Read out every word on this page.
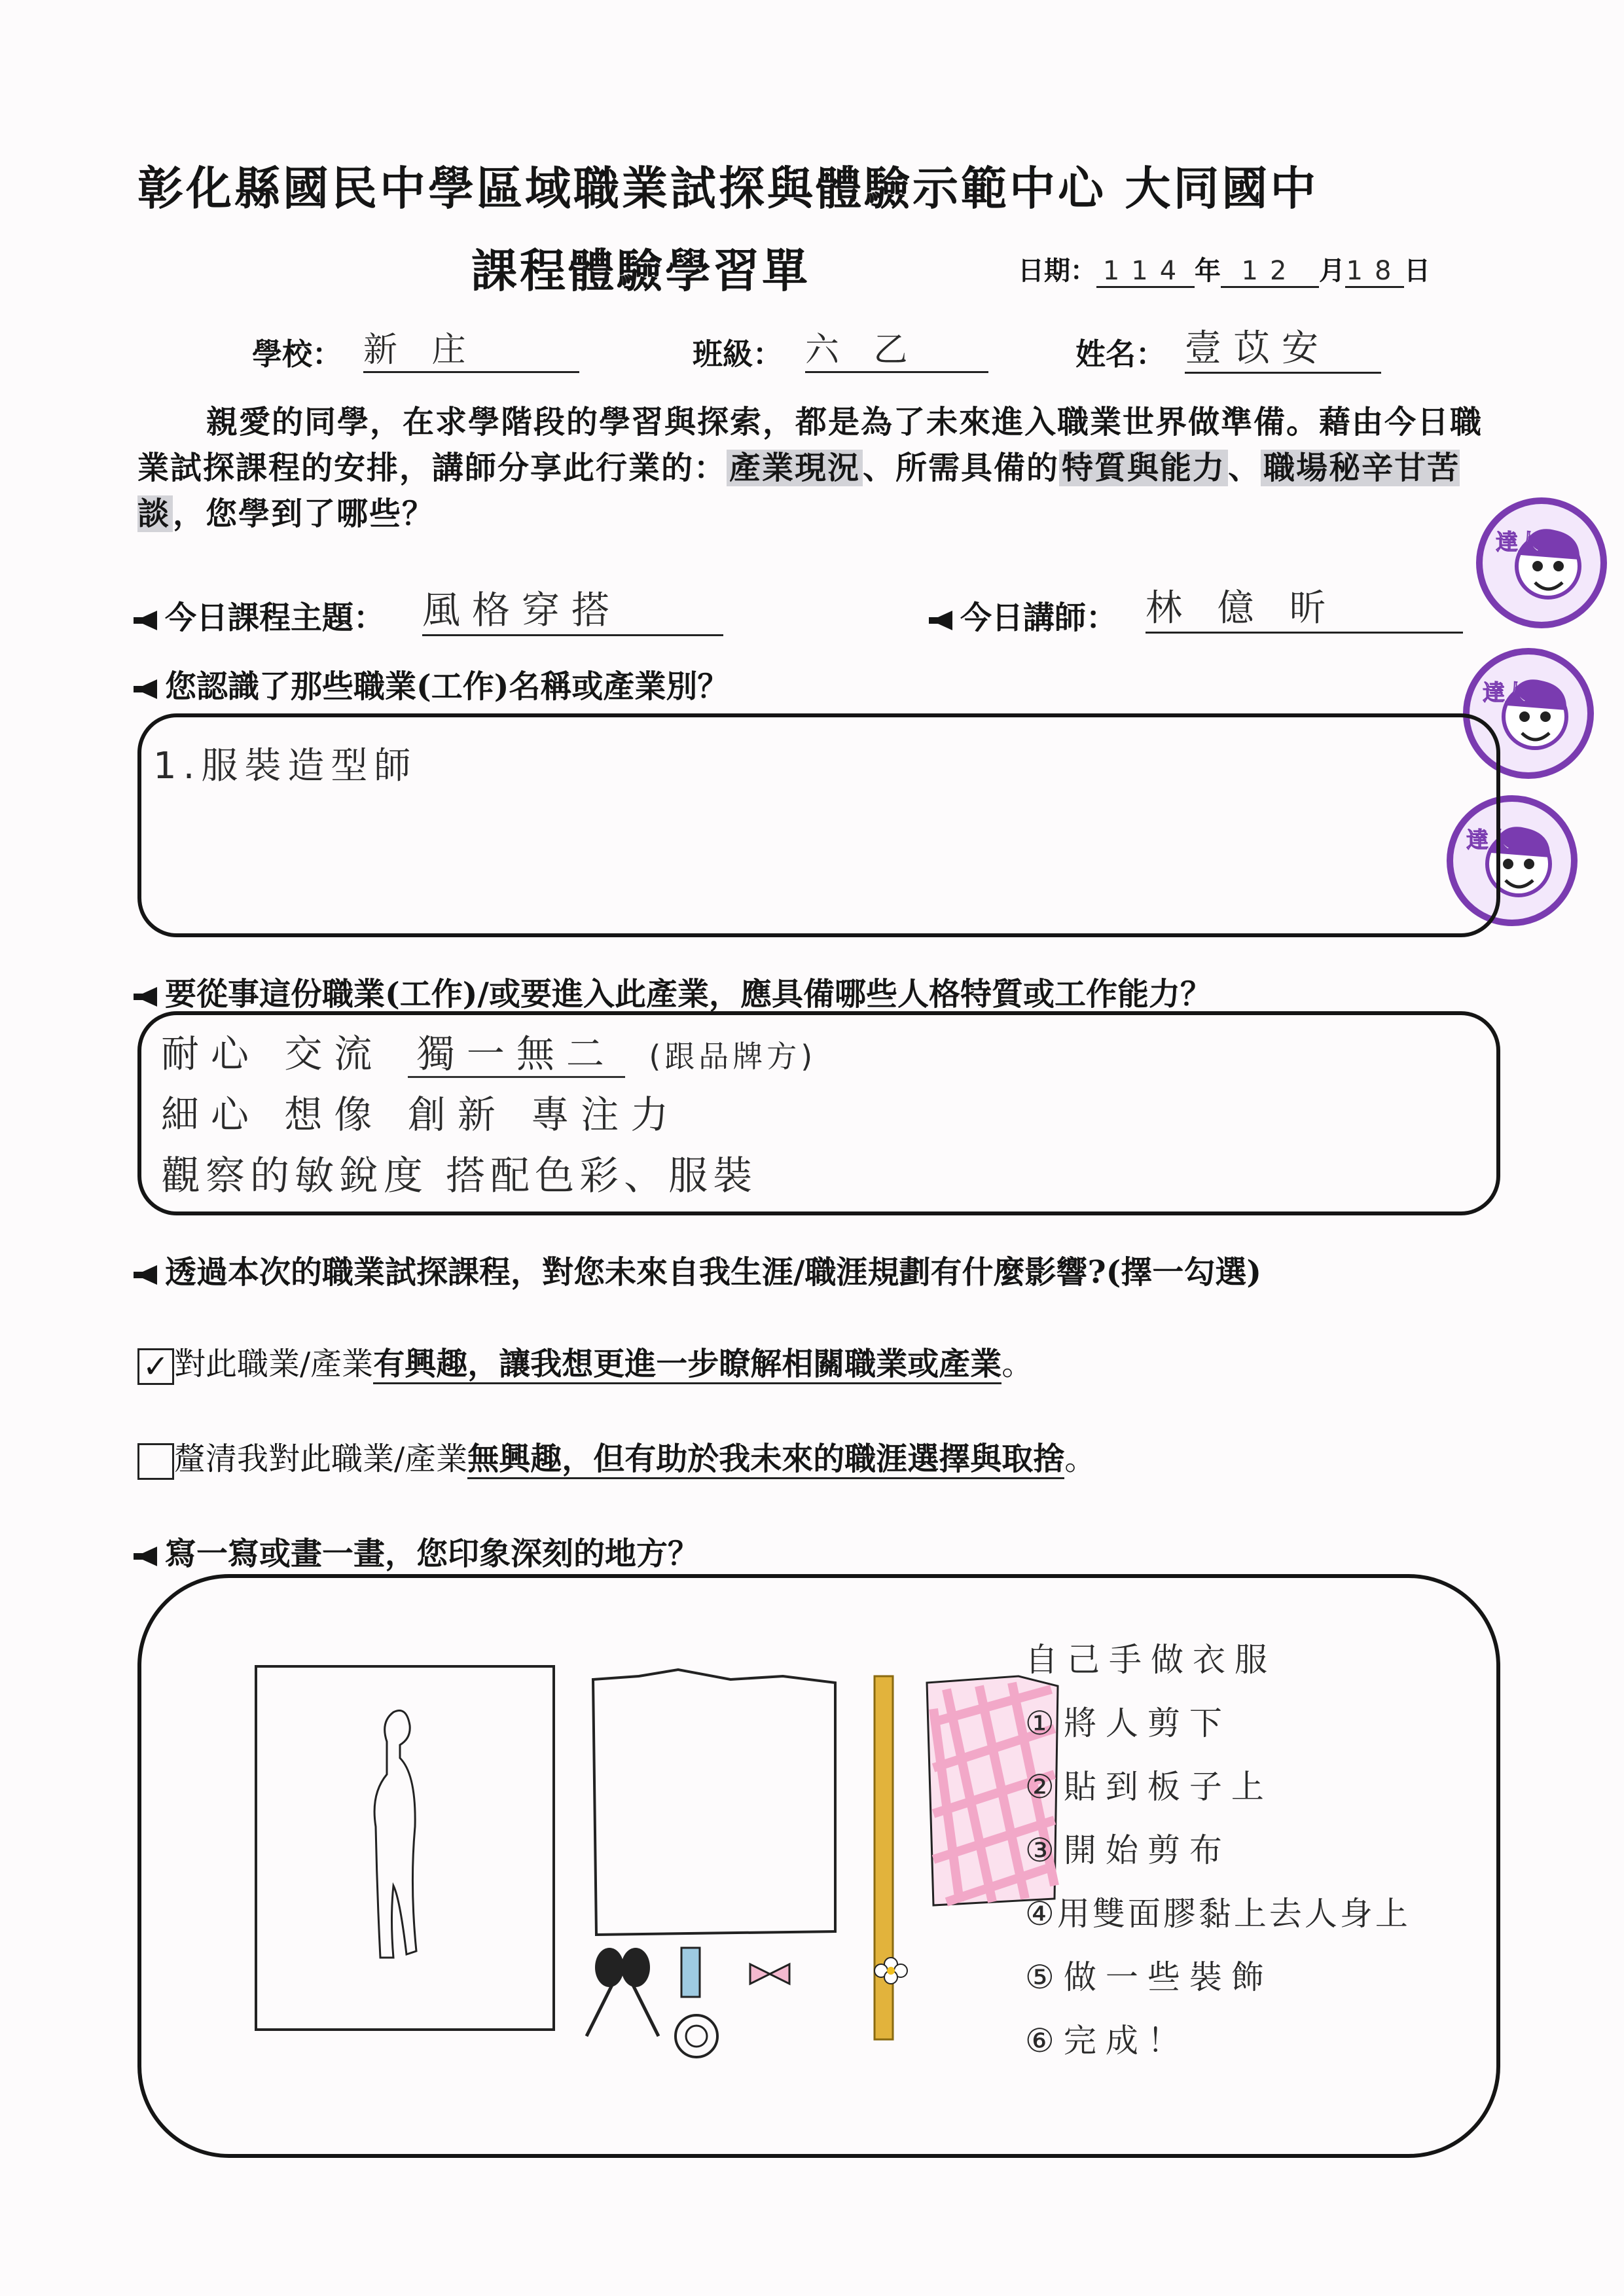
彰化縣國民中學區域職業試探與體驗示範中心 大同國中
課程體驗學習單	日期： 114 年 12 月18日
學校： 新 庄	班級： 六 乙	姓名： 壹苡安
親愛的同學，在求學階段的學習與探索，都是為了未來進入職業世界做準備。藉由今日職業試探課程的安排，講師分享此行業的：產業現況、所需具備的特質與能力、職場秘辛甘苦談，您學到了哪些？
達人
達人
達人
今日課程主題： 風格穿搭	今日講師： 林 億 昕
您認識了那些職業(工作)名稱或產業別？
1.服裝造型師
要從事這份職業(工作)/或要進入此產業，應具備哪些人格特質或工作能力？
耐心 交流 獨一無二 (跟品牌方)
細心 想像 創新 專注力
觀察的敏銳度 搭配色彩、服裝
透過本次的職業試探課程，對您未來自我生涯/職涯規劃有什麼影響?(擇一勾選)
✓ 對此職業/產業有興趣，讓我想更進一步瞭解相關職業或產業。
釐清我對此職業/產業無興趣，但有助於我未來的職涯選擇與取捨。
寫一寫或畫一畫，您印象深刻的地方？
自己手做衣服
①將人剪下
②貼到板子上
③開始剪布
④用雙面膠黏上去人身上
⑤做一些裝飾
⑥完成！
